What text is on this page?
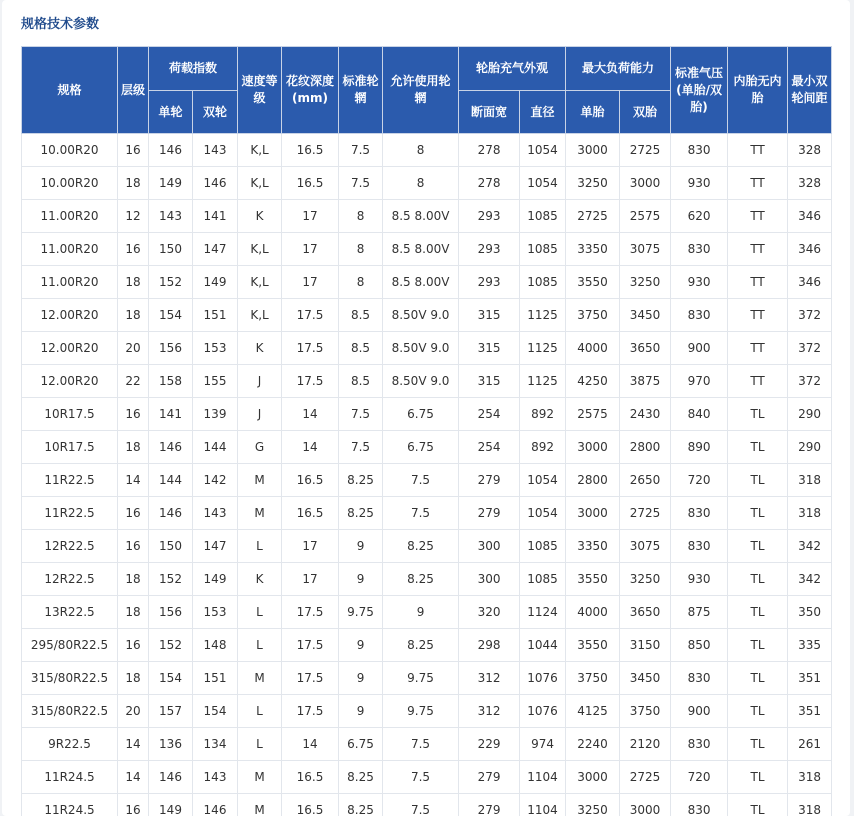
规格技术参数
规格	层级	荷载指数		速度等级	花纹深度(mm)	标准轮辋	允许使用轮辋	轮胎充气外观		最大负荷能力		标准气压(单胎/双胎)	内胎无内胎	最小双轮间距
		单轮	双轮					断面宽	直径	单胎	双胎			
10.00R20	16	146	143	K,L	16.5	7.5	8	278	1054	3000	2725	830	TT	328
10.00R20	18	149	146	K,L	16.5	7.5	8	278	1054	3250	3000	930	TT	328
11.00R20	12	143	141	K	17	8	8.5 8.00V	293	1085	2725	2575	620	TT	346
11.00R20	16	150	147	K,L	17	8	8.5 8.00V	293	1085	3350	3075	830	TT	346
11.00R20	18	152	149	K,L	17	8	8.5 8.00V	293	1085	3550	3250	930	TT	346
12.00R20	18	154	151	K,L	17.5	8.5	8.50V 9.0	315	1125	3750	3450	830	TT	372
12.00R20	20	156	153	K	17.5	8.5	8.50V 9.0	315	1125	4000	3650	900	TT	372
12.00R20	22	158	155	J	17.5	8.5	8.50V 9.0	315	1125	4250	3875	970	TT	372
10R17.5	16	141	139	J	14	7.5	6.75	254	892	2575	2430	840	TL	290
10R17.5	18	146	144	G	14	7.5	6.75	254	892	3000	2800	890	TL	290
11R22.5	14	144	142	M	16.5	8.25	7.5	279	1054	2800	2650	720	TL	318
11R22.5	16	146	143	M	16.5	8.25	7.5	279	1054	3000	2725	830	TL	318
12R22.5	16	150	147	L	17	9	8.25	300	1085	3350	3075	830	TL	342
12R22.5	18	152	149	K	17	9	8.25	300	1085	3550	3250	930	TL	342
13R22.5	18	156	153	L	17.5	9.75	9	320	1124	4000	3650	875	TL	350
295/80R22.5	16	152	148	L	17.5	9	8.25	298	1044	3550	3150	850	TL	335
315/80R22.5	18	154	151	M	17.5	9	9.75	312	1076	3750	3450	830	TL	351
315/80R22.5	20	157	154	L	17.5	9	9.75	312	1076	4125	3750	900	TL	351
9R22.5	14	136	134	L	14	6.75	7.5	229	974	2240	2120	830	TL	261
11R24.5	14	146	143	M	16.5	8.25	7.5	279	1104	3000	2725	720	TL	318
11R24.5	16	149	146	M	16.5	8.25	7.5	279	1104	3250	3000	830	TL	318
